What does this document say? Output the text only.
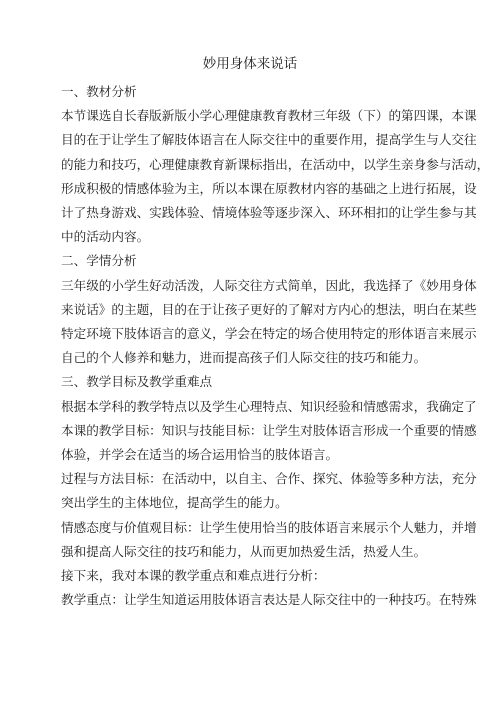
妙用身体来说话
一、教材分析
本节课选自长春版新版小学心理健康教育教材三年级（下）的第四课，本课
目的在于让学生了解肢体语言在人际交往中的重要作用，提高学生与人交往
的能力和技巧，心理健康教育新课标指出，在活动中，以学生亲身参与活动，
形成积极的情感体验为主，所以本课在原教材内容的基础之上进行拓展，设
计了热身游戏、实践体验、情境体验等逐步深入、环环相扣的让学生参与其
中的活动内容。
二、学情分析
三年级的小学生好动活泼，人际交往方式简单，因此，我选择了《妙用身体
来说话》的主题，目的在于让孩子更好的了解对方内心的想法，明白在某些
特定环境下肢体语言的意义，学会在特定的场合使用特定的形体语言来展示
自己的个人修养和魅力，进而提高孩子们人际交往的技巧和能力。
三、教学目标及教学重难点
根据本学科的教学特点以及学生心理特点、知识经验和情感需求，我确定了
本课的教学目标：知识与技能目标：让学生对肢体语言形成一个重要的情感
体验，并学会在适当的场合运用恰当的肢体语言。
过程与方法目标：在活动中，以自主、合作、探究、体验等多种方法，充分
突出学生的主体地位，提高学生的能力。
情感态度与价值观目标：让学生使用恰当的肢体语言来展示个人魅力，并增
强和提高人际交往的技巧和能力，从而更加热爱生活，热爱人生。
接下来，我对本课的教学重点和难点进行分析：
教学重点：让学生知道运用肢体语言表达是人际交往中的一种技巧。在特殊
